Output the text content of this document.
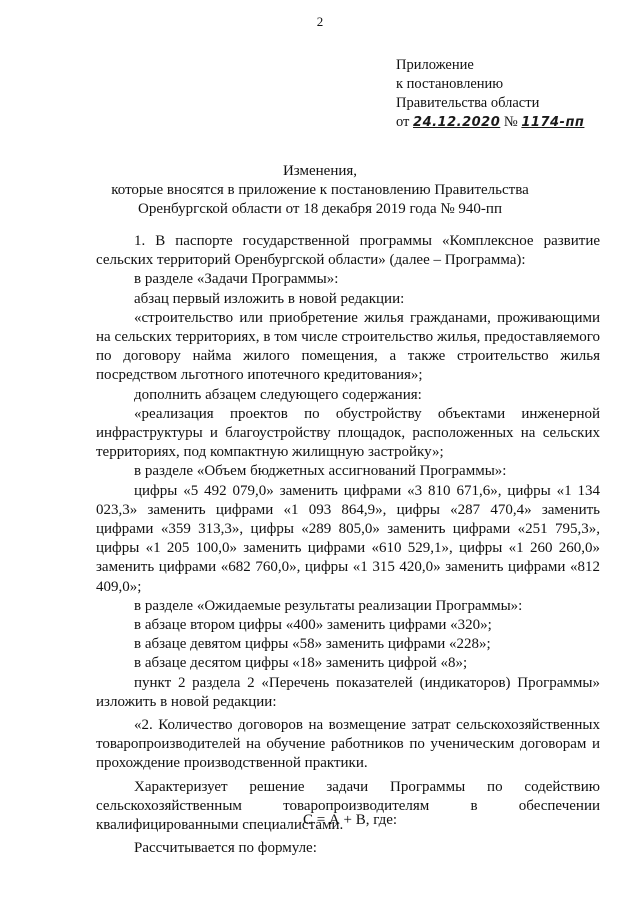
2
Приложение
к постановлению
Правительства области
от 24.12.2020 № 1174-пп
Изменения,
которые вносятся в приложение к постановлению Правительства
Оренбургской области от 18 декабря 2019 года № 940-пп

1. В паспорте государственной программы «Комплексное развитие сельских территорий Оренбургской области» (далее – Программа):

в разделе «Задачи Программы»:

абзац первый изложить в новой редакции:

«строительство или приобретение жилья гражданами, проживающими на сельских территориях, в том числе строительство жилья, предоставляемого по договору найма жилого помещения, а также строительство жилья посредством льготного ипотечного кредитования»;

дополнить абзацем следующего содержания:

«реализация проектов по обустройству объектами инженерной инфраструктуры и благоустройству площадок, расположенных на сельских территориях, под компактную жилищную застройку»;

в разделе «Объем бюджетных ассигнований Программы»:

цифры «5 492 079,0» заменить цифрами «3 810 671,6», цифры «1 134 023,3» заменить цифрами «1 093 864,9», цифры «287 470,4» заменить цифрами «359 313,3», цифры «289 805,0» заменить цифрами «251 795,3», цифры «1 205 100,0» заменить цифрами «610 529,1», цифры «1 260 260,0» заменить цифрами «682 760,0», цифры «1 315 420,0» заменить цифрами «812 409,0»;

в разделе «Ожидаемые результаты реализации Программы»:

в абзаце втором цифры «400» заменить цифрами «320»;

в абзаце девятом цифры «58» заменить цифрами «228»;

в абзаце десятом цифры «18» заменить цифрой «8»;

пункт 2 раздела 2 «Перечень показателей (индикаторов) Программы» изложить в новой редакции:

«2. Количество договоров на возмещение затрат сельскохозяйственных товаропроизводителей на обучение работников по ученическим договорам и прохождение производственной практики.

Характеризует решение задачи Программы по содействию сельскохозяйственным товаропроизводителям в обеспечении квалифицированными специалистами.

Рассчитывается по формуле:

С = А + В, где:
